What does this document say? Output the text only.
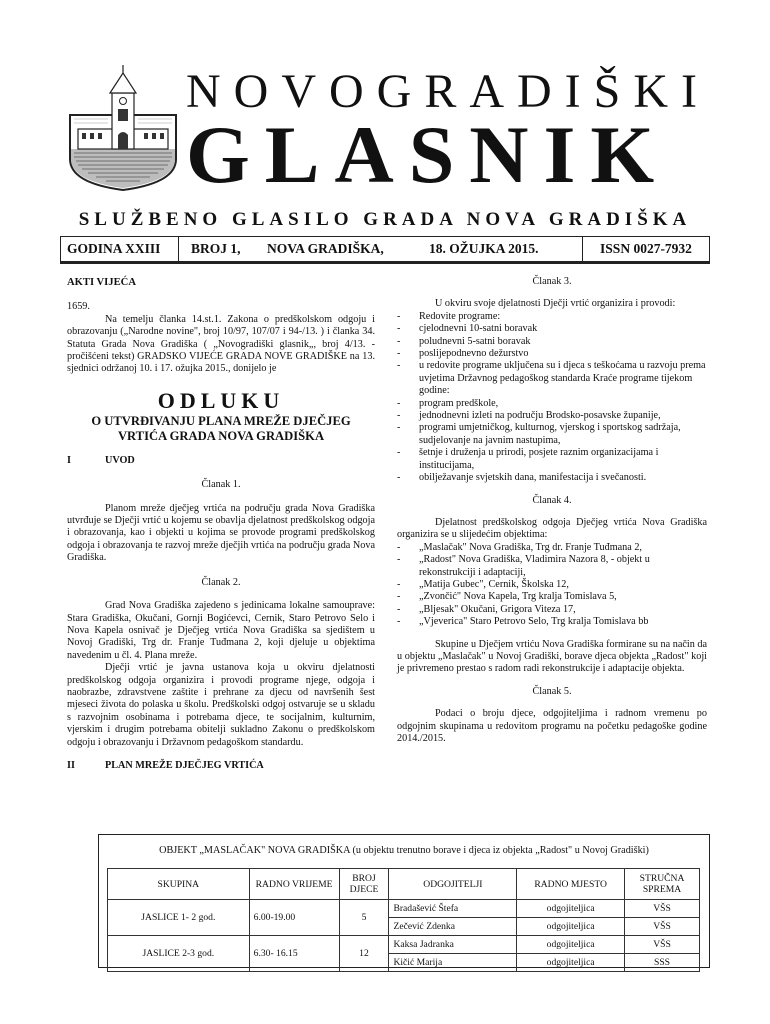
NOVOGRADIŠKI
GLASNIK
SLUŽBENO GLASILO GRADA NOVA GRADIŠKA
GODINA XXIII	BROJ 1,	NOVA GRADIŠKA,	18. OŽUJKA 2015.	ISSN 0027-7932

AKTI VIJEĆA

1659.

Na temelju članka 14.st.1. Zakona o predškolskom odgoju i obrazovanju („Narodne novine", broj 10/97, 107/07 i 94-/13. ) i članka 34. Statuta Grada Nova Gradiška ( „Novogradiški glasnik„, broj 4/13. - pročišćeni tekst) GRADSKO VIJEĆE GRADA NOVE GRADIŠKE na 13. sjednici održanoj 10. i 17. ožujka 2015., donijelo je

ODLUKU

O UTVRĐIVANJU PLANA MREŽE DJEČJEG VRTIĆA GRADA NOVA GRADIŠKA

I	UVOD

Članak 1.

Planom mreže dječjeg vrtića na području grada Nova Gradiška utvrđuje se Dječji vrtić u kojemu se obavlja djelatnost predškolskog odgoja i obrazovanja, kao i objekti u kojima se provode programi predškolskog odgoja i obrazovanja te razvoj mreže dječjih vrtića na području grada Nova Gradiška.

Članak 2.

Grad Nova Gradiška zajedeno s jedinicama lokalne samouprave: Stara Gradiška, Okučani, Gornji Bogićevci, Cernik, Staro Petrovo Selo i Nova Kapela osnivač je Dječjeg vrtića Nova Gradiška sa sjedištem u Novoj Gradiški, Trg dr. Franje Tuđmana 2, koji djeluje u objektima navedenim u čl. 4. Plana mreže.

Dječji vrtić je javna ustanova koja u okviru djelatnosti predškolskog odgoja organizira i provodi programe njege, odgoja i naobrazbe, zdravstvene zaštite i prehrane za djecu od navršenih šest mjeseci života do polaska u školu. Predškolski odgoj ostvaruje se u skladu s razvojnim osobinama i potrebama djece, te socijalnim, kulturnim, vjerskim i drugim potrebama obitelji sukladno Zakonu o predškolskom odgoju i obrazovanju i Državnom pedagoškom standardu.

II	PLAN MREŽE DJEČJEG VRTIĆA

Članak 3.

U okviru svoje djelatnosti Dječji vrtić organizira i provodi:

-	Redovite programe:
-	cjelodnevni 10-satni boravak
-	poludnevni 5-satni boravak
-	poslijepodnevno dežurstvo
-	u redovite programe uključena su i djeca s teškoćama u razvoju prema uvjetima Državnog pedagoškog standarda Kraće programe tijekom godine:
-	program predškole,
-	jednodnevni izleti na području Brodsko-posavske županije,
-	programi umjetničkog, kulturnog, vjerskog i sportskog sadržaja, sudjelovanje na javnim nastupima,
-	šetnje i druženja u prirodi, posjete raznim organizacijama i institucijama,
-	obilježavanje svjetskih dana, manifestacija i svečanosti.

Članak 4.

Djelatnost predškolskog odgoja Dječjeg vrtića Nova Gradiška organizira se u slijedećim objektima:

-	„Maslačak" Nova Gradiška, Trg dr. Franje Tuđmana 2,
-	„Radost" Nova Gradiška, Vladimira Nazora 8, - objekt u rekonstrukciji i adaptaciji,
-	„Matija Gubec", Cernik, Školska 12,
-	„Zvončić" Nova Kapela, Trg kralja Tomislava 5,
-	„Bljesak" Okučani, Grigora Viteza 17,
-	„Vjeverica" Staro Petrovo Selo, Trg kralja Tomislava bb

Skupine u Dječjem vrtiću Nova Gradiška formirane su na način da u objektu „Maslačak" u Novoj Gradiški, borave djeca objekta „Radost" koji je privremeno prestao s radom radi rekonstrukcije i adaptacije objekta.

Članak 5.

Podaci o broju djece, odgojiteljima i radnom vremenu po odgojnim skupinama u redovitom programu na početku pedagoške godine 2014./2015.

OBJEKT „MASLAČAK" NOVA GRADIŠKA (u objektu trenutno borave i djeca iz objekta „Radost" u Novoj Gradiški)
SKUPINA	RADNO VRIJEME	BROJ DJECE	ODGOJITELJI	RADNO MJESTO	STRUČNA SPREMA
JASLICE 1- 2 god.	6.00-19.00	5	Bradašević Štefa	odgojiteljica	VŠS
			Zečević Zdenka	odgojiteljica	VŠS
JASLICE 2-3 god.	6.30- 16.15	12	Kaksa Jadranka	odgojiteljica	VŠS
			Kičić Marija	odgojiteljica	SSS
